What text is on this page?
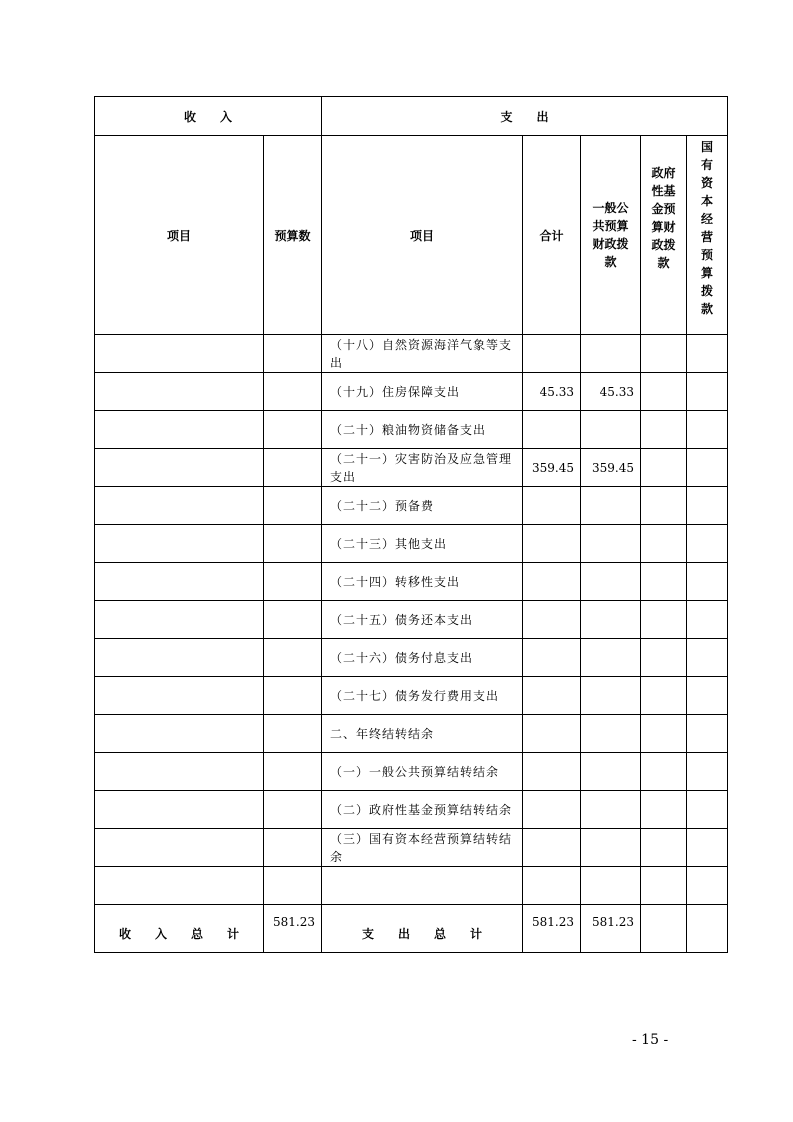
收　　入		支　　出				
项目	预算数	项目	合计	一般公共预算财政拨款	政府性基金预算财政拨款	国有资本经营预算拨款

		（十八）自然资源海洋气象等支出				
		（十九）住房保障支出	45.33	45.33		
		（二十）粮油物资储备支出				
		（二十一）灾害防治及应急管理支出	359.45	359.45		
		（二十二）预备费				
		（二十三）其他支出				
		（二十四）转移性支出				
		（二十五）债务还本支出				
		（二十六）债务付息支出				
		（二十七）债务发行费用支出				
		二、年终结转结余				
		（一）一般公共预算结转结余				
		（二）政府性基金预算结转结余				
		（三）国有资本经营预算结转结余				

收　　入　　总　　计	581.23	支　　出　　总　　计	581.23	581.23		
- 15 -
